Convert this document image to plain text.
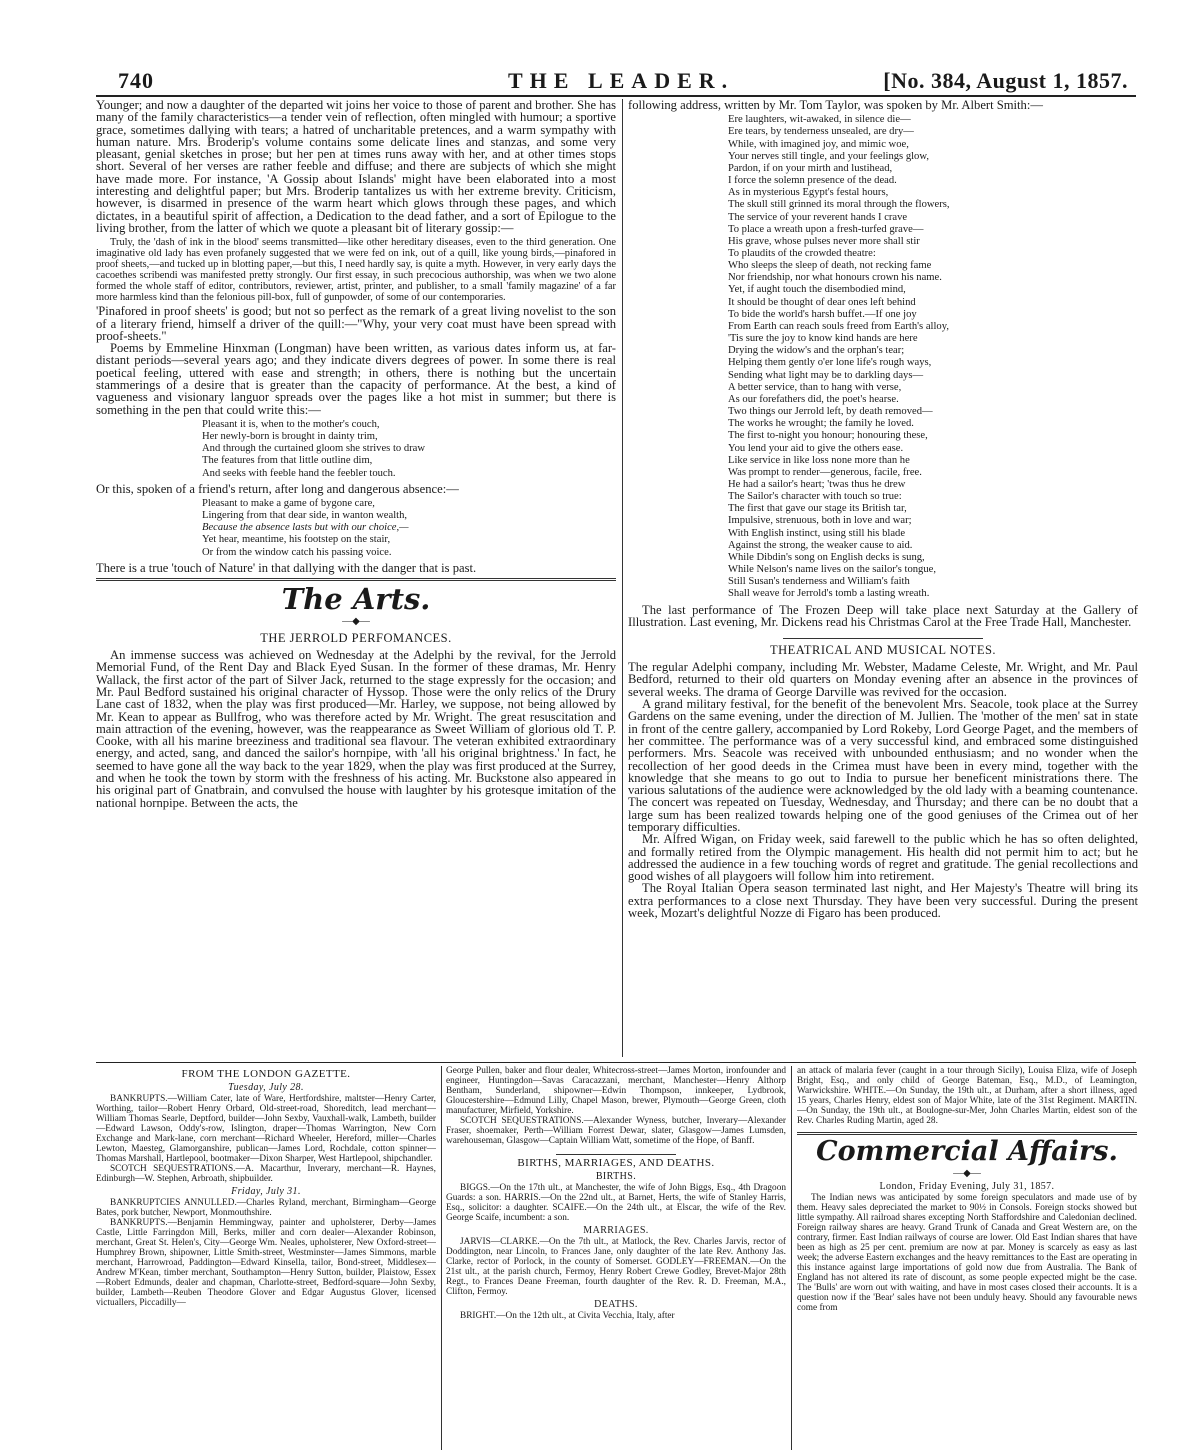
740	THE LEADER.	[No. 384, August 1, 1857.

Younger; and now a daughter of the departed wit joins her voice to those of parent and brother. She has many of the family characteristics—a tender vein of reflection, often mingled with humour; a sportive grace, sometimes dallying with tears; a hatred of uncharitable pretences, and a warm sympathy with human nature. Mrs. Broderip's volume contains some delicate lines and stanzas, and some very pleasant, genial sketches in prose; but her pen at times runs away with her, and at other times stops short. Several of her verses are rather feeble and diffuse; and there are subjects of which she might have made more. For instance, 'A Gossip about Islands' might have been elaborated into a most interesting and delightful paper; but Mrs. Broderip tantalizes us with her extreme brevity. Criticism, however, is disarmed in presence of the warm heart which glows through these pages, and which dictates, in a beautiful spirit of affection, a Dedication to the dead father, and a sort of Epilogue to the living brother, from the latter of which we quote a pleasant bit of literary gossip:—

Truly, the 'dash of ink in the blood' seems transmitted—like other hereditary diseases, even to the third generation. One imaginative old lady has even profanely suggested that we were fed on ink, out of a quill, like young birds,—pinafored in proof sheets,—and tucked up in blotting paper,—but this, I need hardly say, is quite a myth. However, in very early days the cacoethes scribendi was manifested pretty strongly. Our first essay, in such precocious authorship, was when we two alone formed the whole staff of editor, contributors, reviewer, artist, printer, and publisher, to a small 'family magazine' of a far more harmless kind than the felonious pill-box, full of gunpowder, of some of our contemporaries.

'Pinafored in proof sheets' is good; but not so perfect as the remark of a great living novelist to the son of a literary friend, himself a driver of the quill:—"Why, your very coat must have been spread with proof-sheets."

Poems by Emmeline Hinxman (Longman) have been written, as various dates inform us, at far-distant periods—several years ago; and they indicate divers degrees of power. In some there is real poetical feeling, uttered with ease and strength; in others, there is nothing but the uncertain stammerings of a desire that is greater than the capacity of performance. At the best, a kind of vagueness and visionary languor spreads over the pages like a hot mist in summer; but there is something in the pen that could write this:—

Pleasant it is, when to the mother's couch,
Her newly-born is brought in dainty trim,
And through the curtained gloom she strives to draw
The features from that little outline dim,
And seeks with feeble hand the feebler touch.

Or this, spoken of a friend's return, after long and dangerous absence:—

Pleasant to make a game of bygone care,
Lingering from that dear side, in wanton wealth,
Because the absence lasts but with our choice,—
Yet hear, meantime, his footstep on the stair,
Or from the window catch his passing voice.

There is a true 'touch of Nature' in that dallying with the danger that is past.

The Arts.
—◆—
THE JERROLD PERFOMANCES.

An immense success was achieved on Wednesday at the Adelphi by the revival, for the Jerrold Memorial Fund, of the Rent Day and Black Eyed Susan. In the former of these dramas, Mr. Henry Wallack, the first actor of the part of Silver Jack, returned to the stage expressly for the occasion; and Mr. Paul Bedford sustained his original character of Hyssop. Those were the only relics of the Drury Lane cast of 1832, when the play was first produced—Mr. Harley, we suppose, not being allowed by Mr. Kean to appear as Bullfrog, who was therefore acted by Mr. Wright. The great resuscitation and main attraction of the evening, however, was the reappearance as Sweet William of glorious old T. P. Cooke, with all his marine breeziness and traditional sea flavour. The veteran exhibited extraordinary energy, and acted, sang, and danced the sailor's hornpipe, with 'all his original brightness.' In fact, he seemed to have gone all the way back to the year 1829, when the play was first produced at the Surrey, and when he took the town by storm with the freshness of his acting. Mr. Buckstone also appeared in his original part of Gnatbrain, and convulsed the house with laughter by his grotesque imitation of the national hornpipe. Between the acts, the

following address, written by Mr. Tom Taylor, was spoken by Mr. Albert Smith:—

Ere laughters, wit-awaked, in silence die—
Ere tears, by tenderness unsealed, are dry—
While, with imagined joy, and mimic woe,
Your nerves still tingle, and your feelings glow,
Pardon, if on your mirth and lustihead,
I force the solemn presence of the dead.
As in mysterious Egypt's festal hours,
The skull still grinned its moral through the flowers,
The service of your reverent hands I crave
To place a wreath upon a fresh-turfed grave—
His grave, whose pulses never more shall stir
To plaudits of the crowded theatre:
Who sleeps the sleep of death, not recking fame
Nor friendship, nor what honours crown his name.
Yet, if aught touch the disembodied mind,
It should be thought of dear ones left behind
To bide the world's harsh buffet.—If one joy
From Earth can reach souls freed from Earth's alloy,
'Tis sure the joy to know kind hands are here
Drying the widow's and the orphan's tear;
Helping them gently o'er lone life's rough ways,
Sending what light may be to darkling days—
A better service, than to hang with verse,
As our forefathers did, the poet's hearse.
Two things our Jerrold left, by death removed—
The works he wrought; the family he loved.
The first to-night you honour; honouring these,
You lend your aid to give the others ease.
Like service in like loss none more than he
Was prompt to render—generous, facile, free.
He had a sailor's heart; 'twas thus he drew
The Sailor's character with touch so true:
The first that gave our stage its British tar,
Impulsive, strenuous, both in love and war;
With English instinct, using still his blade
Against the strong, the weaker cause to aid.
While Dibdin's song on English decks is sung,
While Nelson's name lives on the sailor's tongue,
Still Susan's tenderness and William's faith
Shall weave for Jerrold's tomb a lasting wreath.

The last performance of The Frozen Deep will take place next Saturday at the Gallery of Illustration. Last evening, Mr. Dickens read his Christmas Carol at the Free Trade Hall, Manchester.

THEATRICAL AND MUSICAL NOTES.

The regular Adelphi company, including Mr. Webster, Madame Celeste, Mr. Wright, and Mr. Paul Bedford, returned to their old quarters on Monday evening after an absence in the provinces of several weeks. The drama of George Darville was revived for the occasion.

A grand military festival, for the benefit of the benevolent Mrs. Seacole, took place at the Surrey Gardens on the same evening, under the direction of M. Jullien. The 'mother of the men' sat in state in front of the centre gallery, accompanied by Lord Rokeby, Lord George Paget, and the members of her committee. The performance was of a very successful kind, and embraced some distinguished performers. Mrs. Seacole was received with unbounded enthusiasm; and no wonder when the recollection of her good deeds in the Crimea must have been in every mind, together with the knowledge that she means to go out to India to pursue her beneficent ministrations there. The various salutations of the audience were acknowledged by the old lady with a beaming countenance. The concert was repeated on Tuesday, Wednesday, and Thursday; and there can be no doubt that a large sum has been realized towards helping one of the good geniuses of the Crimea out of her temporary difficulties.

Mr. Alfred Wigan, on Friday week, said farewell to the public which he has so often delighted, and formally retired from the Olympic management. His health did not permit him to act; but he addressed the audience in a few touching words of regret and gratitude. The genial recollections and good wishes of all playgoers will follow him into retirement.

The Royal Italian Opera season terminated last night, and Her Majesty's Theatre will bring its extra performances to a close next Thursday. They have been very successful. During the present week, Mozart's delightful Nozze di Figaro has been produced.

FROM THE LONDON GAZETTE.
Tuesday, July 28.

BANKRUPTS.—William Cater, late of Ware, Hertfordshire, maltster—Henry Carter, Worthing, tailor—Robert Henry Orbard, Old-street-road, Shoreditch, lead merchant—William Thomas Searle, Deptford, builder—John Sexby, Vauxhall-walk, Lambeth, builder—Edward Lawson, Oddy's-row, Islington, draper—Thomas Warrington, New Corn Exchange and Mark-lane, corn merchant—Richard Wheeler, Hereford, miller—Charles Lewton, Maesteg, Glamorganshire, publican—James Lord, Rochdale, cotton spinner—Thomas Marshall, Hartlepool, bootmaker—Dixon Sharper, West Hartlepool, shipchandler.

SCOTCH SEQUESTRATIONS.—A. Macarthur, Inverary, merchant—R. Haynes, Edinburgh—W. Stephen, Arbroath, shipbuilder.

Friday, July 31.

BANKRUPTCIES ANNULLED.—Charles Ryland, merchant, Birmingham—George Bates, pork butcher, Newport, Monmouthshire.

BANKRUPTS.—Benjamin Hemmingway, painter and upholsterer, Derby—James Castle, Little Farringdon Mill, Berks, miller and corn dealer—Alexander Robinson, merchant, Great St. Helen's, City—George Wm. Neales, upholsterer, New Oxford-street—Humphrey Brown, shipowner, Little Smith-street, Westminster—James Simmons, marble merchant, Harrowroad, Paddington—Edward Kinsella, tailor, Bond-street, Middlesex—Andrew M'Kean, timber merchant, Southampton—Henry Sutton, builder, Plaistow, Essex—Robert Edmunds, dealer and chapman, Charlotte-street, Bedford-square—John Sexby, builder, Lambeth—Reuben Theodore Glover and Edgar Augustus Glover, licensed victuallers, Piccadilly—

George Pullen, baker and flour dealer, Whitecross-street—James Morton, ironfounder and engineer, Huntingdon—Savas Caracazzani, merchant, Manchester—Henry Althorp Bentham, Sunderland, shipowner—Edwin Thompson, innkeeper, Lydbrook, Gloucestershire—Edmund Lilly, Chapel Mason, brewer, Plymouth—George Green, cloth manufacturer, Mirfield, Yorkshire.

SCOTCH SEQUESTRATIONS.—Alexander Wyness, butcher, Inverary—Alexander Fraser, shoemaker, Perth—William Forrest Dewar, slater, Glasgow—James Lumsden, warehouseman, Glasgow—Captain William Watt, sometime of the Hope, of Banff.

BIRTHS, MARRIAGES, AND DEATHS.
BIRTHS.

BIGGS.—On the 17th ult., at Manchester, the wife of John Biggs, Esq., 4th Dragoon Guards: a son. HARRIS.—On the 22nd ult., at Barnet, Herts, the wife of Stanley Harris, Esq., solicitor: a daughter. SCAIFE.—On the 24th ult., at Elscar, the wife of the Rev. George Scaife, incumbent: a son.

MARRIAGES.

JARVIS—CLARKE.—On the 7th ult., at Matlock, the Rev. Charles Jarvis, rector of Doddington, near Lincoln, to Frances Jane, only daughter of the late Rev. Anthony Jas. Clarke, rector of Porlock, in the county of Somerset. GODLEY—FREEMAN.—On the 21st ult., at the parish church, Fermoy, Henry Robert Crewe Godley, Brevet-Major 28th Regt., to Frances Deane Freeman, fourth daughter of the Rev. R. D. Freeman, M.A., Clifton, Fermoy.

DEATHS.

BRIGHT.—On the 12th ult., at Civita Vecchia, Italy, after

an attack of malaria fever (caught in a tour through Sicily), Louisa Eliza, wife of Joseph Bright, Esq., and only child of George Bateman, Esq., M.D., of Leamington, Warwickshire. WHITE.—On Sunday, the 19th ult., at Durham, after a short illness, aged 15 years, Charles Henry, eldest son of Major White, late of the 31st Regiment. MARTIN.—On Sunday, the 19th ult., at Boulogne-sur-Mer, John Charles Martin, eldest son of the Rev. Charles Ruding Martin, aged 28.

Commercial Affairs.
—◆—
London, Friday Evening, July 31, 1857.

The Indian news was anticipated by some foreign speculators and made use of by them. Heavy sales depreciated the market to 90½ in Consols. Foreign stocks showed but little sympathy. All railroad shares excepting North Staffordshire and Caledonian declined. Foreign railway shares are heavy. Grand Trunk of Canada and Great Western are, on the contrary, firmer. East Indian railways of course are lower. Old East Indian shares that have been as high as 25 per cent. premium are now at par. Money is scarcely as easy as last week; the adverse Eastern exchanges and the heavy remittances to the East are operating in this instance against large importations of gold now due from Australia. The Bank of England has not altered its rate of discount, as some people expected might be the case. The 'Bulls' are worn out with waiting, and have in most cases closed their accounts. It is a question now if the 'Bear' sales have not been unduly heavy. Should any favourable news come from
